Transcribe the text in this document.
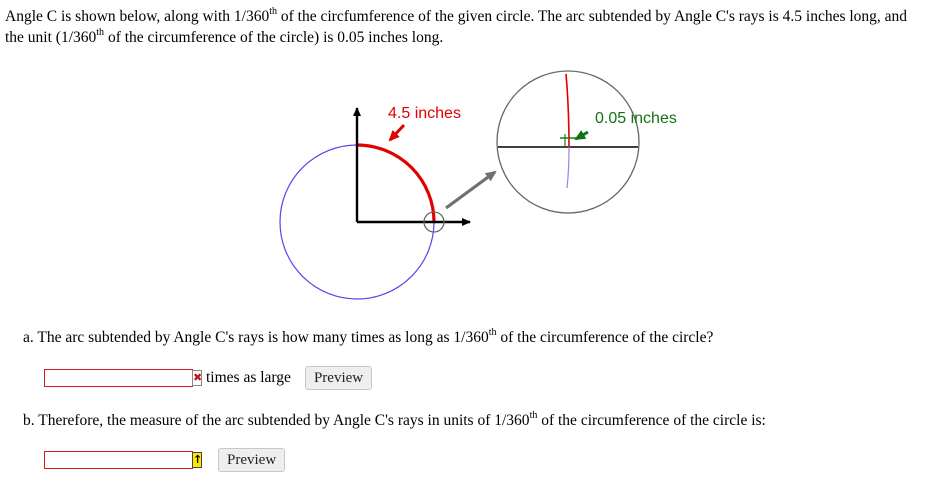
Angle C is shown below, along with 1/360th of the circfumference of the given circle. The arc subtended by Angle C's rays is 4.5 inches long, and the unit (1/360th of the circumference of the circle) is 0.05 inches long.
4.5 inches	0.05 inches
a. The arc subtended by Angle C's rays is how many times as long as 1/360th of the circumference of the circle?
✖ times as large	Preview
b. Therefore, the measure of the arc subtended by Angle C's rays in units of 1/360th of the circumference of the circle is:
↑	Preview
